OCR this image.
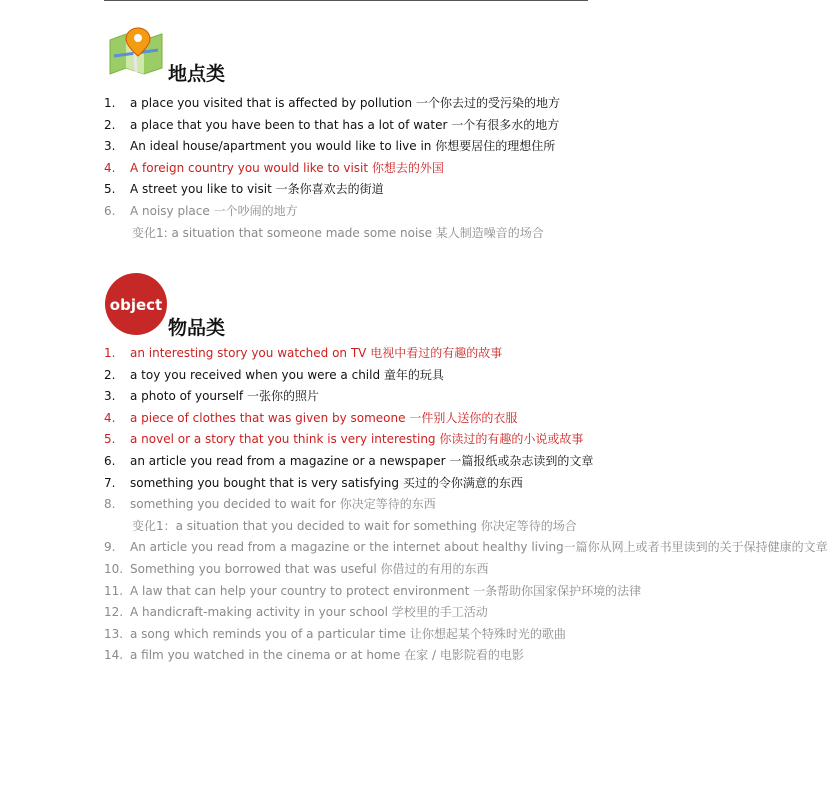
地点类
1.	a place you visited that is affected by pollution 一个你去过的受污染的地方
2.	a place that you have been to that has a lot of water 一个有很多水的地方
3.	An ideal house/apartment you would like to live in 你想要居住的理想住所
4.	A foreign country you would like to visit 你想去的外国
5.	A street you like to visit 一条你喜欢去的街道
6.	A noisy place 一个吵闹的地方
变化1: a situation that someone made some noise 某人制造噪音的场合
object
物品类
1.	an interesting story you watched on TV 电视中看过的有趣的故事
2.	a toy you received when you were a child 童年的玩具
3.	a photo of yourself 一张你的照片
4.	a piece of clothes that was given by someone 一件别人送你的衣服
5.	a novel or a story that you think is very interesting 你读过的有趣的小说或故事
6.	an article you read from a magazine or a newspaper 一篇报纸或杂志读到的文章
7.	something you bought that is very satisfying 买过的令你满意的东西
8.	something you decided to wait for 你决定等待的东西
变化1：a situation that you decided to wait for something 你决定等待的场合
9.	An article you read from a magazine or the internet about healthy living一篇你从网上或者书里读到的关于保持健康的文章
10. Something you borrowed that was useful 你借过的有用的东西
11. A law that can help your country to protect environment 一条帮助你国家保护环境的法律
12. A handicraft-making activity in your school 学校里的手工活动
13. a song which reminds you of a particular time 让你想起某个特殊时光的歌曲
14. a film you watched in the cinema or at home 在家 / 电影院看的电影
